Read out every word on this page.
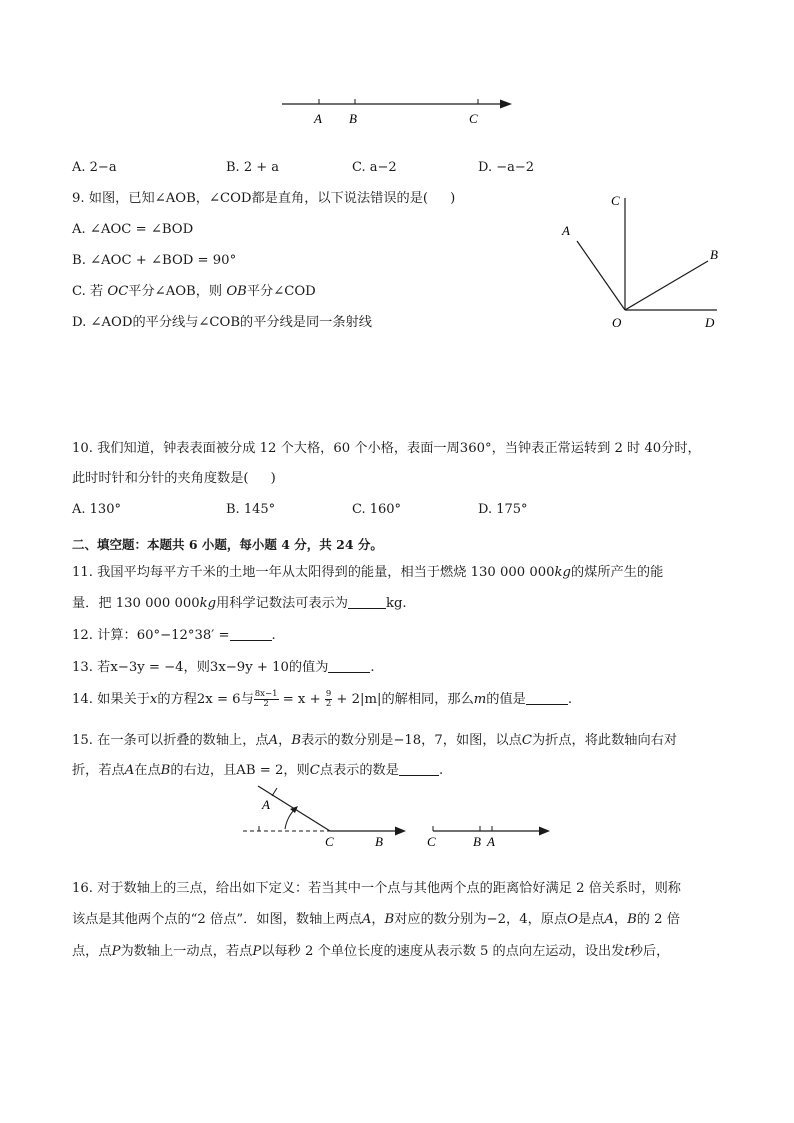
A B	C
A. 2−a	B. 2 + a	C. a−2	D. −a−2
9. 如图，已知∠AOB，∠COD都是直角，以下说法错误的是( )
A. ∠AOC = ∠BOD
B. ∠AOC + ∠BOD = 90°
C. 若 OC平分∠AOB，则 OB平分∠COD
D. ∠AOD的平分线与∠COB的平分线是同一条射线
C
A
B
O	D
10. 我们知道，钟表表面被分成 12 个大格，60 个小格，表面一周360°，当钟表正常运转到 2 时 40分时，
此时时针和分针的夹角度数是( )
A. 130°	B. 145°	C. 160°	D. 175°
二、填空题：本题共 6 小题，每小题 4 分，共 24 分。
11. 我国平均每平方千米的土地一年从太阳得到的能量，相当于燃烧 130 000 000kg的煤所产生的能
量．把 130 000 000kg用科学记数法可表示为	kg.
12. 计算：60°−12°38′ =	.
13. 若x−3y = −4，则3x−9y + 10的值为	.
14. 如果关于x的方程2x = 6与 $\frac{8x-1}{2} = x + \frac{9}{2} + 2|m|$的解相同，那么m的值是	.
15. 在一条可以折叠的数轴上，点A，B表示的数分别是−18，7，如图，以点C为折点，将此数轴向右对
折，若点A在点B的右边，且AB = 2，则C点表示的数是	.
A
C	B	C	B A
16. 对于数轴上的三点，给出如下定义：若当其中一个点与其他两个点的距离恰好满足 2 倍关系时，则称
该点是其他两个点的“2 倍点”．如图，数轴上两点A，B对应的数分别为−2，4，原点O是点A，B的 2 倍
点，点P为数轴上一动点，若点P以每秒 2 个单位长度的速度从表示数 5 的点向左运动，设出发t秒后，
